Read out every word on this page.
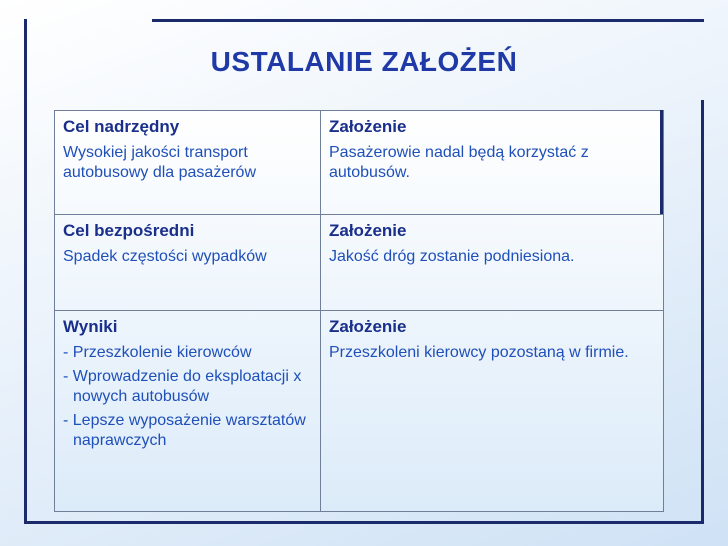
USTALANIE ZAŁOŻEŃ
Cel nadrzędny
Wysokiej jakości transport autobusowy dla pasażerów
Założenie
Pasażerowie nadal będą korzystać z autobusów.
Cel bezpośredni
Spadek częstości wypadków
Założenie
Jakość dróg zostanie podniesiona.
Wyniki
- Przeszkolenie kierowców
- Wprowadzenie do eksploatacji x nowych autobusów
- Lepsze wyposażenie warsztatów naprawczych
Założenie
Przeszkoleni kierowcy pozostaną w firmie.
